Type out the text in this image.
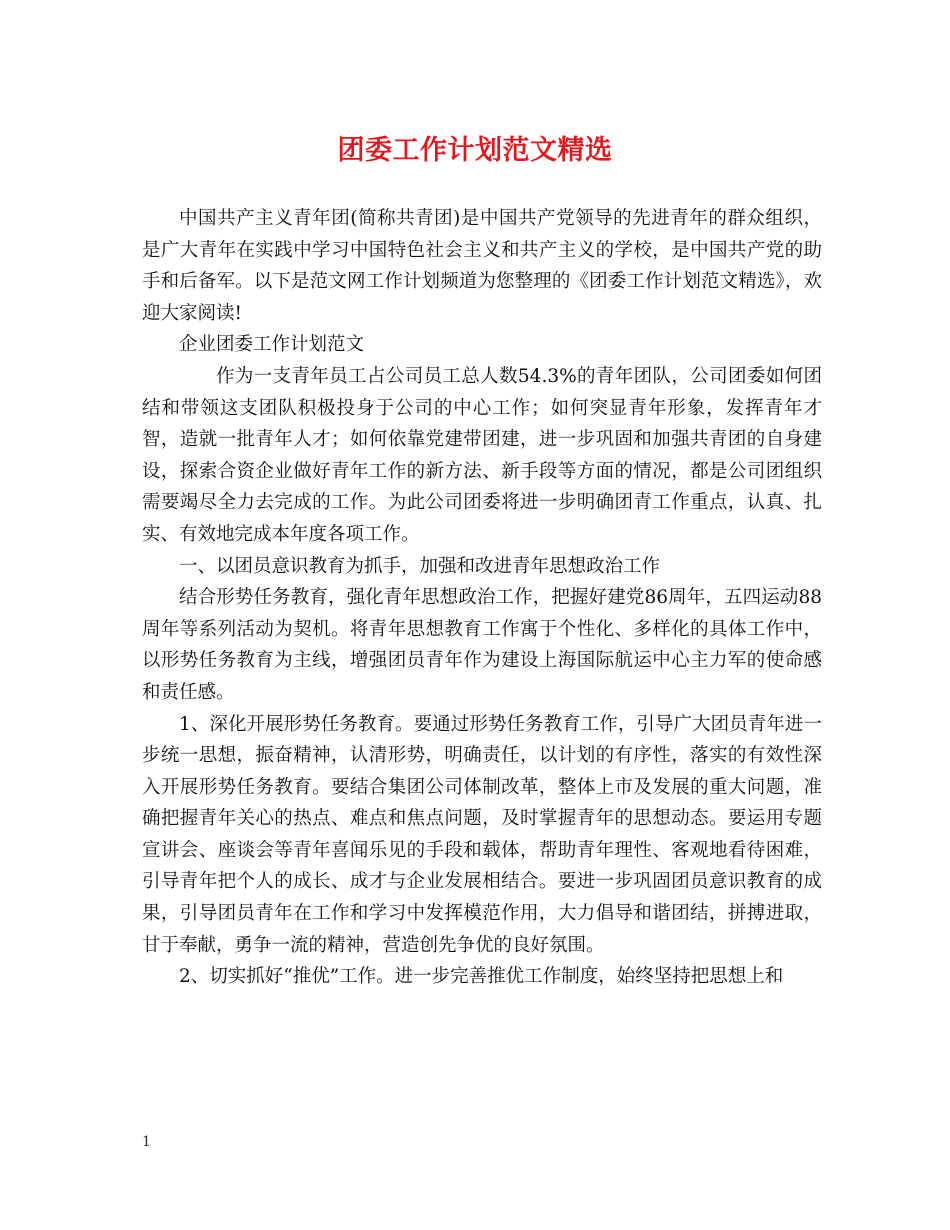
团委工作计划范文精选

中国共产主义青年团(简称共青团)是中国共产党领导的先进青年的群众组织，是广大青年在实践中学习中国特色社会主义和共产主义的学校，是中国共产党的助手和后备军。以下是范文网工作计划频道为您整理的《团委工作计划范文精选》，欢迎大家阅读!

企业团委工作计划范文

作为一支青年员工占公司员工总人数54.3%的青年团队，公司团委如何团结和带领这支团队积极投身于公司的中心工作；如何突显青年形象，发挥青年才智，造就一批青年人才；如何依靠党建带团建，进一步巩固和加强共青团的自身建设，探索合资企业做好青年工作的新方法、新手段等方面的情况，都是公司团组织需要竭尽全力去完成的工作。为此公司团委将进一步明确团青工作重点，认真、扎实、有效地完成本年度各项工作。

一、以团员意识教育为抓手，加强和改进青年思想政治工作

结合形势任务教育，强化青年思想政治工作，把握好建党86周年，五四运动88周年等系列活动为契机。将青年思想教育工作寓于个性化、多样化的具体工作中，以形势任务教育为主线，增强团员青年作为建设上海国际航运中心主力军的使命感和责任感。

1、深化开展形势任务教育。要通过形势任务教育工作，引导广大团员青年进一步统一思想，振奋精神，认清形势，明确责任，以计划的有序性，落实的有效性深入开展形势任务教育。要结合集团公司体制改革，整体上市及发展的重大问题，准确把握青年关心的热点、难点和焦点问题，及时掌握青年的思想动态。要运用专题宣讲会、座谈会等青年喜闻乐见的手段和载体，帮助青年理性、客观地看待困难，引导青年把个人的成长、成才与企业发展相结合。要进一步巩固团员意识教育的成果，引导团员青年在工作和学习中发挥模范作用，大力倡导和谐团结，拼搏进取，甘于奉献，勇争一流的精神，营造创先争优的良好氛围。

2、切实抓好“推优”工作。进一步完善推优工作制度，始终坚持把思想上和

1
